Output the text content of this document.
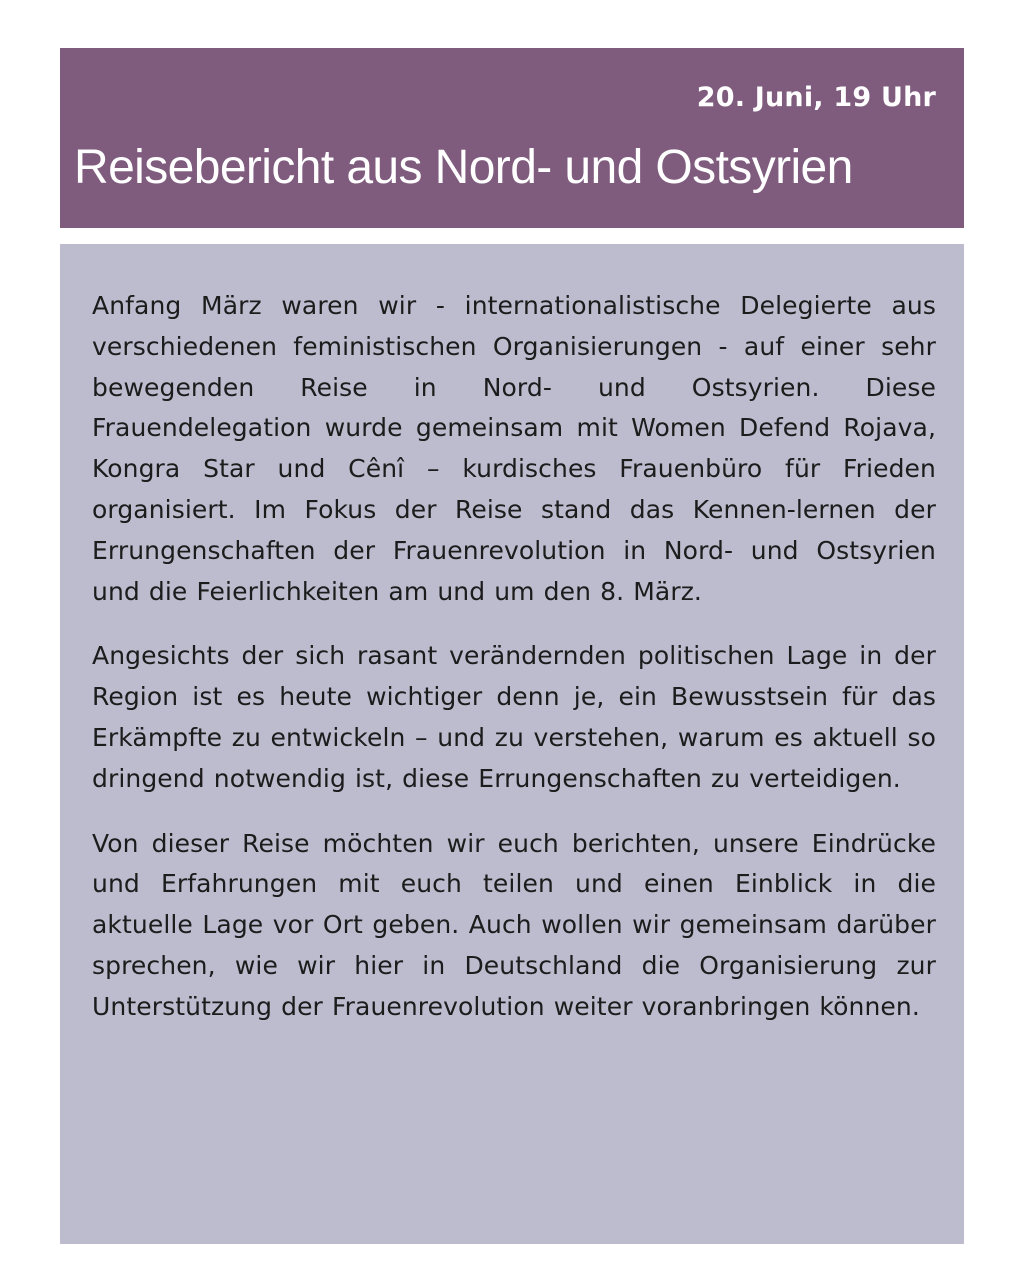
20. Juni, 19 Uhr
Reisebericht aus Nord- und Ostsyrien

Anfang März waren wir - internationalistische Delegierte aus verschiedenen feministischen Organisierungen - auf einer sehr bewegenden Reise in Nord- und Ostsyrien. Diese Frauendelegation wurde gemeinsam mit Women Defend Rojava, Kongra Star und Cênî – kurdisches Frauenbüro für Frieden organisiert. Im Fokus der Reise stand das Kennen-lernen der Errungenschaften der Frauenrevolution in Nord- und Ostsyrien und die Feierlichkeiten am und um den 8. März.

Angesichts der sich rasant verändernden politischen Lage in der Region ist es heute wichtiger denn je, ein Bewusstsein für das Erkämpfte zu entwickeln – und zu verstehen, warum es aktuell so dringend notwendig ist, diese Errungenschaften zu verteidigen.

Von dieser Reise möchten wir euch berichten, unsere Eindrücke und Erfahrungen mit euch teilen und einen Einblick in die aktuelle Lage vor Ort geben. Auch wollen wir gemeinsam darüber sprechen, wie wir hier in Deutschland die Organisierung zur Unterstützung der Frauenrevolution weiter voranbringen können.
